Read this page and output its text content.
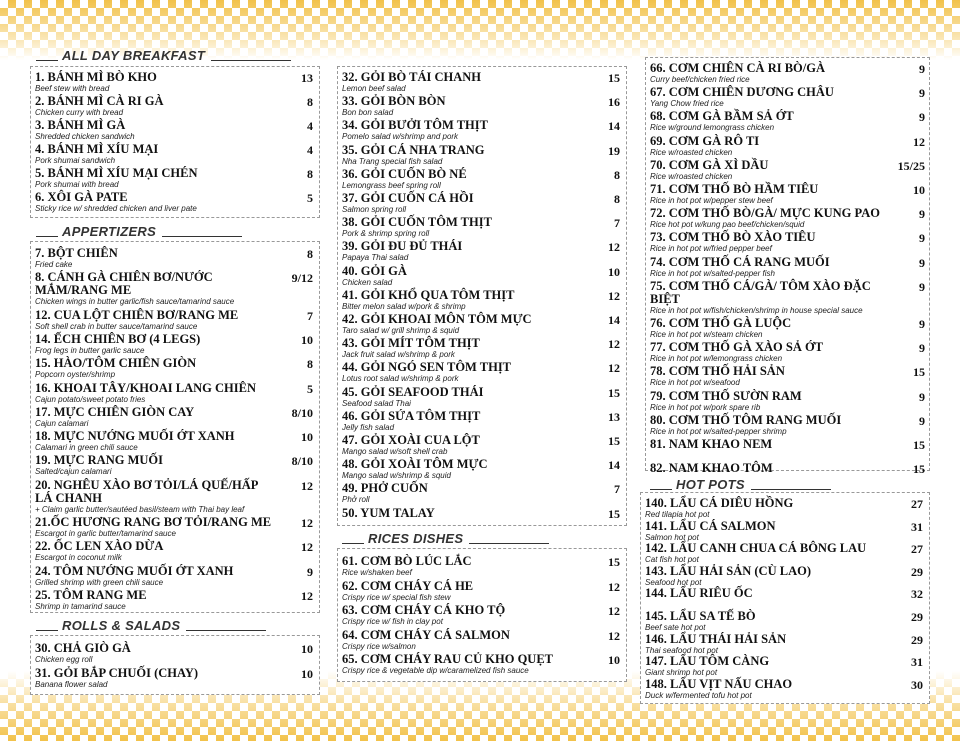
ALL DAY BREAKFAST
1. BÁNH MÌ BÒ KHO	13
Beef stew with bread
2. BÁNH MÌ CÀ RI GÀ	8
Chicken curry with bread
3. BÁNH MÌ GÀ	4
Shredded chicken sandwich
4. BÁNH MÌ XÍU MẠI	4
Pork shumai sandwich
5. BÁNH MÌ XÍU MẠI CHÉN	8
Pork shumai with bread
6. XÔI GÀ PATE	5
Sticky rice w/ shredded chicken and liver pate
APPERTIZERS
7. BỘT CHIÊN	8
Fried cake
8. CÁNH GÀ CHIÊN BƠ/NƯỚC MẮM/RANG ME
9/12
Chicken wings in butter garlic/fish sauce/tamarind sauce
12. CUA LỘT CHIÊN BƠ/RANG ME	7
Soft shell crab in butter sauce/tamarind sauce
14. ẾCH CHIÊN BƠ (4 LEGS)	10
Frog legs in butter garlic sauce
15. HÀO/TÔM CHIÊN GIÒN	8
Popcorn oyster/shrimp
16. KHOAI TÂY/KHOAI LANG CHIÊN	5
Cajun potato/sweet potato fries
17. MỰC CHIÊN GIÒN CAY	8/10
Cajun calamari
18. MỰC NƯỚNG MUỐI ỚT XANH	10
Calamari in green chili sauce
19. MỰC RANG MUỐI	8/10
Salted/cajun calamari
20. NGHÊU XÀO BƠ TỎI/LÁ QUẾ/HẤP LÁ CHANH
12
+ Claim garlic butter/sautéed basil/steam with Thai bay leaf
21.ỐC HƯƠNG RANG BƠ TỎI/RANG ME 12
Escargot in garlic butter/tamarind sauce
22. ỐC LEN XÀO DỪA	12
Escargot in coconut milk
24. TÔM NƯỚNG MUỐI ỚT XANH	9
Grilled shrimp with green chili sauce
25. TÔM RANG ME	12
Shrimp in tamarind sauce
ROLLS & SALADS
30. CHẢ GIÒ GÀ	10
Chicken egg roll
31. GỎI BẮP CHUỐI (CHAY)	10
Banana flower salad
32. GỎI BÒ TÁI CHANH	15
Lemon beef salad
33. GỎI BÒN BÒN	16
Bon bon salad
34. GỎI BƯỞI TÔM THỊT	14
Pomelo salad w/shrimp and pork
35. GỎI CÁ NHA TRANG	19
Nha Trang special fish salad
36. GỎI CUỐN BÒ NÉ	8
Lemongrass beef spring roll
37. GỎI CUỐN CÁ HỒI	8
Salmon spring roll
38. GỎI CUỐN TÔM THỊT	7
Pork & shrimp spring roll
39. GỎI ĐU ĐỦ THÁI	12
Papaya Thai salad
40. GỎI GÀ	10
Chicken salad
41. GỎI KHỔ QUA TÔM THỊT	12
Bitter melon salad w/pork & shrimp
42. GỎI KHOAI MÔN TÔM MỰC	14
Taro salad w/ grill shrimp & squid
43. GỎI MÍT TÔM THỊT	12
Jack fruit salad w/shrimp & pork
44. GỎI NGÓ SEN TÔM THỊT	12
Lotus root salad w/shrimp & pork
45. GỎI SEAFOOD THÁI	15
Seafood salad Thai
46. GỎI SỨA TÔM THỊT	13
Jelly fish salad
47. GỎI XOÀI CUA LỘT	15
Mango salad w/soft shell crab
48. GỎI XOÀI TÔM MỰC	14
Mango salad w/shrimp & squid
49. PHỞ CUỐN	7
Phở roll
50. YUM TALAY	15
RICES DISHES
61. CƠM BÒ LÚC LẮC	15
Rice w/shaken beef
62. CƠM CHÁY CÁ HE	12
Crispy rice w/ special fish stew
63. CƠM CHÁY CÁ KHO TỘ	12
Crispy rice w/ fish in clay pot
64. CƠM CHÁY CÁ SALMON	12
Crispy rice w/salmon
65. CƠM CHÁY RAU CỦ KHO QUẸT	10
Crispy rice & vegetable dip w/caramelized fish sauce
66. CƠM CHIÊN CÀ RI BÒ/GÀ	9
Curry beef/chicken fried rice
67. CƠM CHIÊN DƯƠNG CHÂU	9
Yang Chow fried rice
68. CƠM GÀ BẦM SẢ ỚT	9
Rice w/ground lemongrass chicken
69. CƠM GÀ RÔ TI	12
Rice w/roasted chicken
70. CƠM GÀ XÌ DẦU	15/25
Rice w/roasted chicken
71. CƠM THỐ BÒ HẦM TIÊU	10
Rice in hot pot w/pepper stew beef
72. CƠM THỐ BÒ/GÀ/ MỰC KUNG PAO	9
Rice hot pot w/kung pao beef/chicken/squid
73. CƠM THỐ BÒ XÀO TIÊU	9
Rice in hot pot w/fried pepper beef
74. CƠM THỐ CÁ RANG MUỐI	9
Rice in hot pot w/salted-pepper fish
75. CƠM THỐ CÁ/GÀ/ TÔM XÀO ĐẶC BIỆT
9
Rice in hot pot w/fish/chicken/shrimp in house special sauce
76. CƠM THỐ GÀ LUỘC	9
Rice in hot pot w/steam chicken
77. CƠM THỐ GÀ XÀO SẢ ỚT	9
Rice in hot pot w/lemongrass chicken
78. CƠM THỐ HẢI SẢN	15
Rice in hot pot w/seafood
79. CƠM THỐ SƯỜN RAM	9
Rice in hot pot w/pork spare rib
80. CƠM THỐ TÔM RANG MUỐI	9
Rice in hot pot w/salted-pepper shrimp
81. NAM KHAO NEM	15
82. NAM KHAO TÔM	15
HOT POTS
140. LẨU CÁ DIÊU HỒNG	27
Red tilapia hot pot
141. LẨU CÁ SALMON	31
Salmon hot pot
142. LẨU CANH CHUA CÁ BÔNG LAU	27
Cat fish hot pot
143. LẨU HẢI SẢN (CÙ LAO)	29
Seafood hot pot
144. LẨU RIÊU ỐC	32
145. LẨU SA TẾ BÒ	29
Beef sate hot pot
146. LẨU THÁI HẢI SẢN	29
Thai seafood hot pot
147. LẨU TÔM CÀNG	31
Giant shrimp hot pot
148. LẨU VỊT NẤU CHAO	30
Duck w/fermented tofu hot pot
